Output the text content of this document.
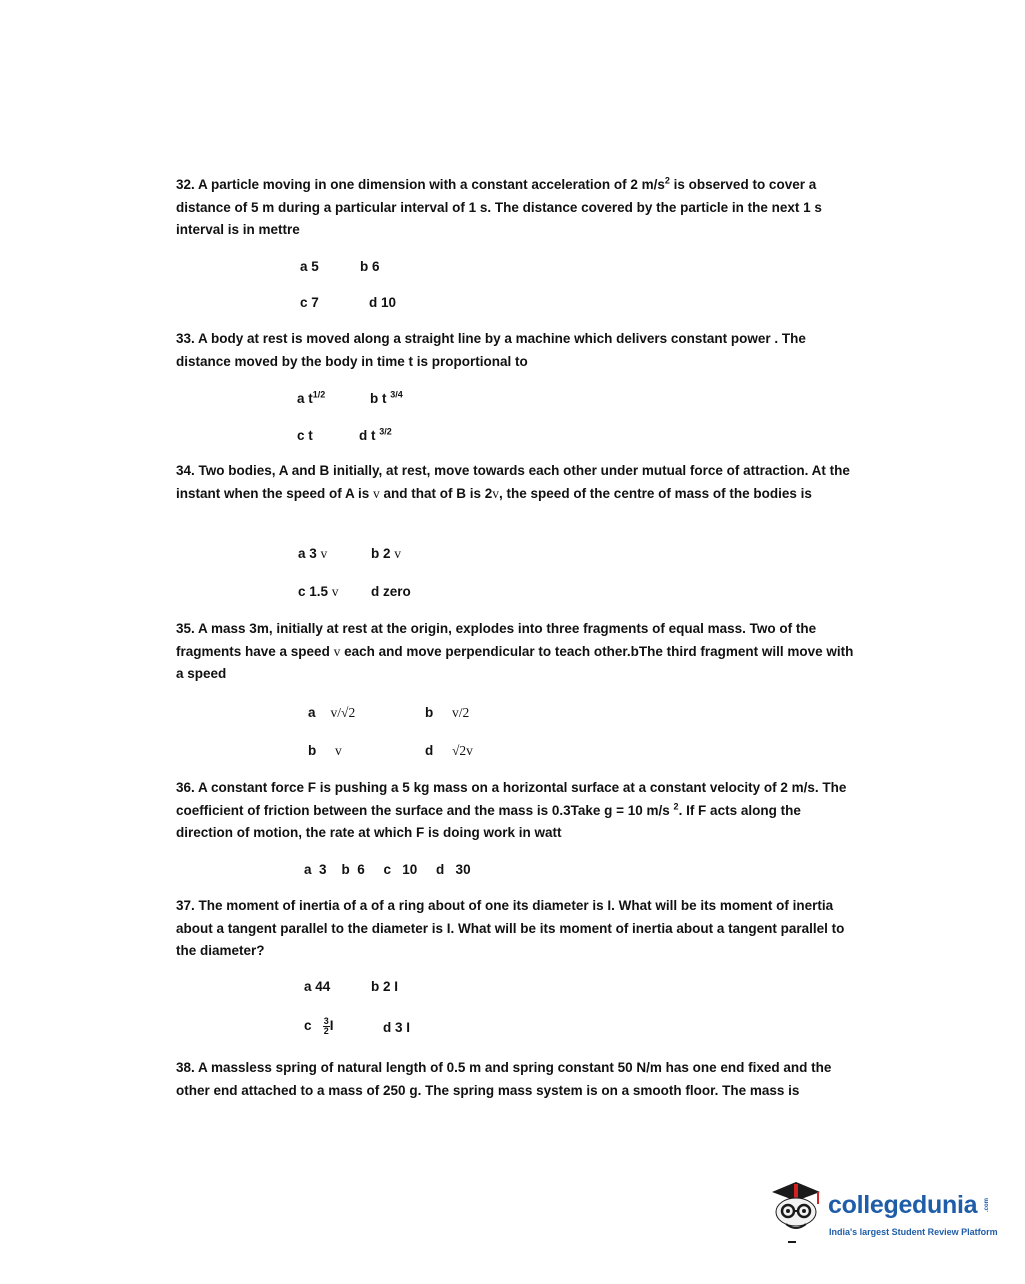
32. A particle moving in one dimension with a constant acceleration of 2 $m/s^2$ is observed to cover a distance of 5 m during a particular interval of 1 s. The distance covered by the particle in the next 1 s interval is in mettre
a 5	b 6
c 7	d 10
33. A body at rest is moved along a straight line by a machine which delivers constant power . The distance moved by the body in time t is proportional to
a $t^{1/2}$	b t $^{3/4}$
c t	d t $^{3/2}$
34. Two bodies, A and B initially, at rest, move towards each other under mutual force of attraction. At the instant when the speed of A is v and that of B is 2v, the speed of the centre of mass of the bodies is
a 3 v	b 2 v
c 1.5 v d zero
35. A mass 3m, initially at rest at the origin, explodes into three fragments of equal mass. Two of the fragments have a speed v each and move perpendicular to teach other.bThe third fragment will move with a speed
a v/√2	b v/2
b v	d √2v
36. A constant force F is pushing a 5 kg mass on a horizontal surface at a constant velocity of 2 m/s. The coefficient of friction between the surface and the mass is 0.3Take g = 10 m/s $^2$. If F acts along the direction of motion, the rate at which F is doing work in watt
a  3    b  6     c   10     d   30
37. The moment of inertia of a of a ring about of one its diameter is I. What will be its moment of inertia about a tangent parallel to the diameter is I. What will be its moment of inertia about a tangent parallel to the diameter?
a 44	b 2 I
c $\frac{3}{2}$ I	d 3 I
38. A massless spring of natural length of 0.5 m and spring constant 50 N/m has one end fixed and the other end attached to a mass of 250 g. The spring mass system is on a smooth floor. The mass is
collegedunia .com
India's largest Student Review Platform
